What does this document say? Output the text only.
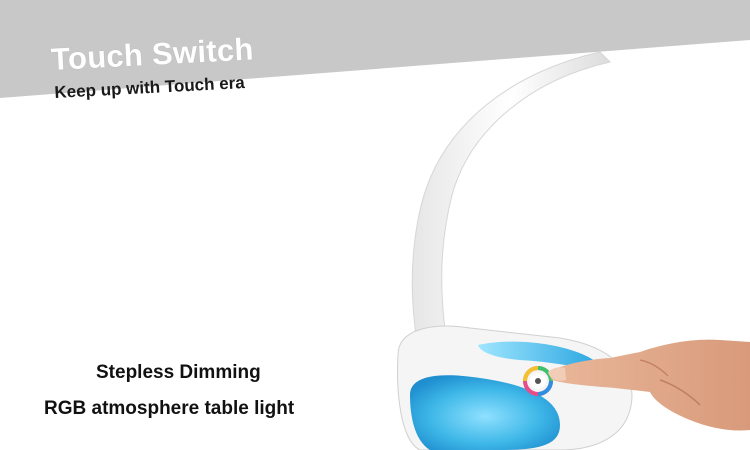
Touch Switch
Keep up with Touch era
Stepless Dimming
RGB atmosphere table light
